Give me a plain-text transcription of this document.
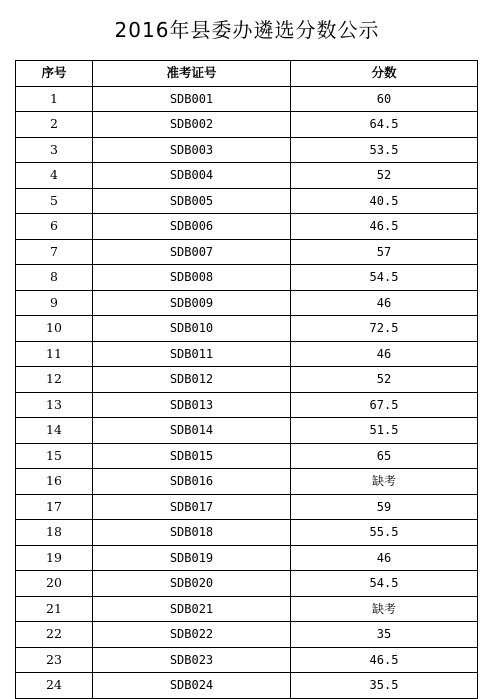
2016年县委办遴选分数公示
序号	准考证号	分数
1	SDB001	60
2	SDB002	64.5
3	SDB003	53.5
4	SDB004	52
5	SDB005	40.5
6	SDB006	46.5
7	SDB007	57
8	SDB008	54.5
9	SDB009	46
10	SDB010	72.5
11	SDB011	46
12	SDB012	52
13	SDB013	67.5
14	SDB014	51.5
15	SDB015	65
16	SDB016	缺考
17	SDB017	59
18	SDB018	55.5
19	SDB019	46
20	SDB020	54.5
21	SDB021	缺考
22	SDB022	35
23	SDB023	46.5
24	SDB024	35.5
